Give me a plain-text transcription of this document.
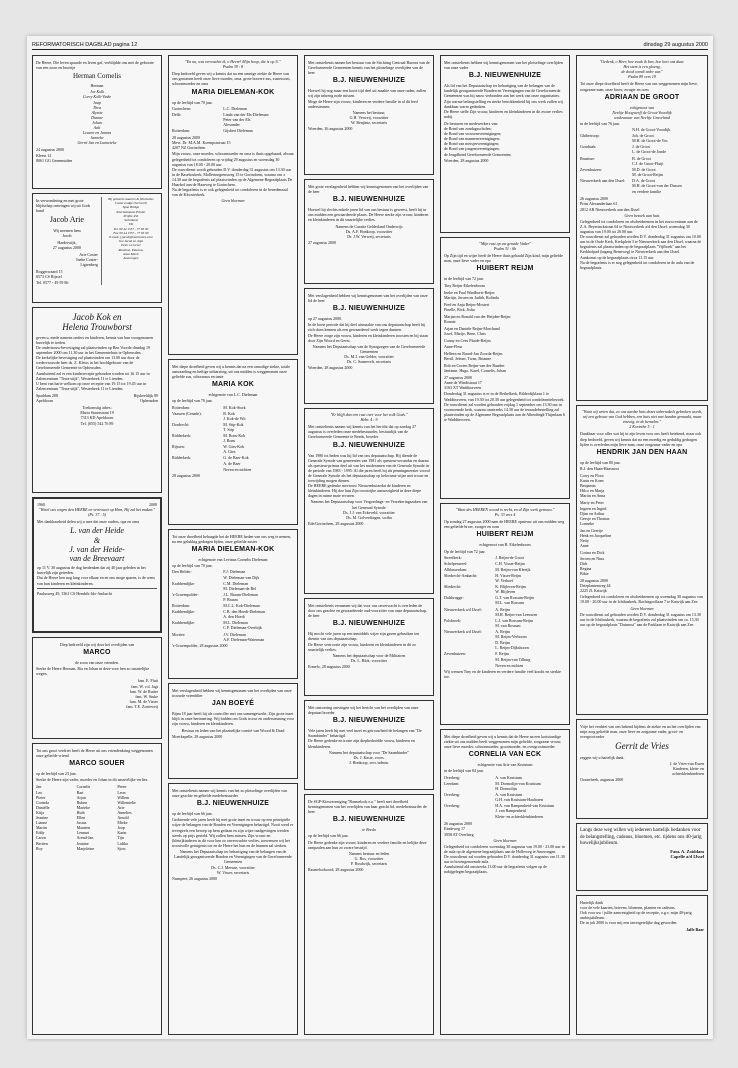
REFORMATORISCH DAGBLAD pagina 12	dinsdag 29 augustus 2000

De Heere, Die leven spaarde en leven gaf, verblijdde ons met de geboorte van een zoon en broertje

Herman Cornelis
Herman
Joe Kolk
Corry Kolk-Vinke
Jaap
Thea
Alyette
Dianne
Johan
Aalt
Leuven en Jannes
Janneke
Gerrit Jan en Lunneteke
24 augustus 2000
Kleest 12
8061 GG Genemuiden

In verwondering en met grote blijdschap ontvingen wij uit Gods hand

Jacob Arie
Wij noemen hem
Jacob
Harderwijk,
27 augustus 2000
Arie Coster
Ineke Coster-
Ligtenberg
Roggerwaard 15
6573 CS Rijssel
Tel. 0577 - 49 59 86
Bij geboorte kaarten & felicitaties
Coster Lodge Overvecht
Span Bridge
Internationale Printer
Profile 45h
Schotland
UK
Tel. 00 44 1557 - 77 63 90
Fax 00 44 1557 - 77 63 90
E-mail: j.jacob@heartnotes.com
Jan Jacob en Anja
Peter en Greet
Rosaline, Pateena,
Anna Marie
Amerongen
Jacob Kok en
Helena Trouwborst

geven u, mede namens onders en kinderen, kennis van hun voorgenomen huwelijk te treden.
De ondertrouw-bevestiging zal plaatsvinden op Ben Voorde dinsdag 19 september 2000 om 11.30 uur in het Gemeentehuis te Opheusden.
De kerkelijke bevestiging zal plaatsvinden om 13.00 uur door de wedervrouwde heer ds. Z. Kleiss in het hoofdgebouw van de Gereformeerde Gemeente in Opheusden.
Aansluitend zal er een kinderrecepte gehouden worden tot 16.15 uur in Zalencentrum "Terra-stijk", Westerbeek 11 te Lienden.
U bent van harte welkom op onze receptie van 19.15 tot 19.45 uur in Zalencentrum "Terra-stijk", Westerbeek 11 te Lienden.

Spaddam 208
Apeldoorn
Bijsbeeldijk 89
Opheusden
Toekomstig adres:
Maria Staartstraat 19
7313 KD Apeldoorn
Tel. (055) 542 76 89
1960	2000
"Wetel ons wegen den HEERE en vertrouwt op Hem, Hij zal het maken." (Ps. 37 : 5)

Met dankbaarheid delen wij u mee dat onze ouders, opa en oma

L. van der Heide
&
J. van der Heide-
van de Breevaart

op 11 V. 30 augustus de dag herdenken dat zij 40 jaar geleden in het huwelijk zijn getreden.
Dat de Heere hen nog lang voor elkaar en en ons moge sparen, is de wens van hun kinderen en kleinkinderen.

Paulusweg 49, 3361 CS Hendrik-Ido-Ambacht

Diep bedroefd zijn wij door het overlijden van

MARCO

de zoon van onze vrienden.

Sterke de Heere Herman, Ria en Johan in deze voor hen zo smartelijke wegen.

fam. E. Fluit
fam. W. v.d. Jagt
fam. W. de Ruiter
fam. W. Stuke
fam. M. de Visser
fam. T.E. Zoeteweij

Tot ons groot verdriet heeft de Heere uit ons vriendenkring weggenomen onze geliefde vriend

MARCO SOUER

op de leeftijd van 23 jaar.

Sterke de Heere zijn vader, moeder en Johan in dit smartelijke verlies.

Jan	Cornelis	Pieter
Leo	Bart	Leon
Pieter	Arjan	Willem
Corinda	Ruben	Willemieke
Daniëlle	Marieke	Arie
Kitja	Huib	Annelies
Jeanine	Ellen	Arnold
Lianne	Justus	Mieke
Martin	Maarten	Joop
Eddy	Lennart	Karin
Caron	Arend-Jan	Tijn
Bertien	Jeanine	Lidika
Roy	Marjoleine	Sjors
"En nu, wat verwachte ik, o Heere! Mijn hoop, die is op U."
Psalm 39 : 8

Diep bedroefd geven wij u kennis dat na een omnige ziekte de Heere van ons genomen heeft onze lieve moeder, oma, grote bravere zus, zusteroom, schoonmoeder en oma

MARIA DIELEMAN-KOK

op de leeftijd van 70 jaar.

Gorinchem:	L.C. Dieleman
Delft:	Linda van der Els-Dieleman
Peter van der Els
Alexander
Rotterdam:	Gijsbert Dieleman

28 augustus 2000
Mevr. Dr. M.A.M. Koempststraat 15
4207 NZ Gorinchem

Mijn vrouw, onze moeder, schoonmoeder en oma is thuis opgebaard, alwaar gelegenheid tot condoleren op vrijdag 29 augustus en woensdag 30 augustus van 18.00 - 20.00 uur.
De rouwdienst wordt gehouden D.V. donderdag 31 augustus om 13.30 uur in de Baseboskerk, Mollerinegrensweg 15 te Gorinchem, waarna om ± 14.30 uur de begrafenis zal plaatsvinden op de Algemene Begraafplaats De Haarhof aan de Haarweg te Gorinchem.
Na de begrafenis is er ook gelegenheid tot condoleren in de benedenzaal van de Kloosterkerk.

Geen bloemen

Met diepe droefheid geven wij u kennis dat na een onnodige ziekte, totale aanvaarding en heftige uitbarsting, uit ons midden is weggenomen onze geliefde zus, schoonzus en tante

MARIA KOK

echtgenote van L.C. Dieleman

op de leeftijd van 70 jaar.

Rotterdam:	M. Kok-Stork
Vaassen (Cenade):	B. Kok
J. Kok-de Wit
Dordrecht:	M. Stip-Kok
T. Stip
Ridderkerk:	M. Bons-Kok
J. Bons
Rijssen:	W. Gies-Kok
A. Gies
Ridderkerk:	G. de Baer-Kok
A. de Baer
Neven en nichten

28 augustus 2000

Tot onze droefheid behaagde het de HEERE heden van ons weg te nemen, na een gelukkig gedragen lijden, onze geliefde zuster

MARIA DIELEMAN-KOK

echtgenote van Levinus Cornelis Dieleman

op de leeftijd van 70 jaar.

Den Helder:	F.J. Dieleman
W. Dieleman-van Dijk
Krabbendijke:	C.M. Dieleman
M. Dieleman-de Bel
's-Gravenpolder:	J.L. Braam-Dieleman
P. Braam
Rotterdam:	M.C.L. Kok-Dieleman
Krabbendijke:	C.B. den Hoedt-Dieleman
A. den Hoedt
Krabbendijke:	M.L. Dieleman
C.P. Dieleman-Overbijk
Mortier:	J.V. Dieleman
A.F. Dieleman-Waterman

's-Gravenpolder, 28 augustus 2000

Met verslagenheid hebben wij kennisgenomen van het overlijden van onze trouwde vrienddier

JAN BOEYÉ

Bijna 18 jaar heeft hij als controller met ons samengewerkt. Zijn grote inzet blijft in onze herinnering. Wij bidden om Gods troost en ondersteuning voor zijn vrouw, kinderen en kleinkinderen.

Bestuur en leden van het plaatselijke comité van Woord & Daad

Moerkapelle, 28 augustus 2000

Met ontsteltenis namen wij kennis van het zo plotselinge overlijden van onze geachte en geliefde medebestuurder

B.J. NIEUWENHUIZE

op de leeftijd van 66 jaar.

Gedurende vele jaren heeft hij met grote inzet en trouw op een principiële wijze de belangen van de Bonden en Verenigingen behartigd. Nooit werd er tevergeefs een beroep op hem gedaan en zijn wijze raadgevingen werden steeds op prijs gesteld. Wij zullen hem missen. Zijn vrouw en (klein)kinderen in dit voor hen zo onverwachte verlies, toewensen wij het troostvolle getuigenis toe en de Heere het hun en de hunnen zal sterken.

Namens het Deputaatschap ter behartiging van de belangen van de Landelijk georganiseerde Bonden en Verenigingen van de Gereformeerde Gemeenten

Ds. C.J. Meeuse, voorzitter
W. Visser, secretaris

Nunspeet, 26 augustus 2000

Met ontsteltenis namen het bestuur van de Stichting Centraal Bureau van de Gereformeerde Gemeenten kennis van het plotselinge overlijden van de heer

B.J. NIEUWENHUIZE

Hoewel hij nog maar een korte tijd deel uit maakte van onze raden, zullen wij zijn inbreng node missen.
Moge de Heere zijn vrouw, kinderen en verdere familie in al dit leed ondersteunen.

Namens het bestuur,
G.H. Verweij, voorzitter
W. Benjiniz, secretaris

Woerden, 26 augustus 2000

Met grote verslagenheid hebben wij kennisgenomen van het overlijden van de heer

B.J. NIEUWENHUIZE

Hoewel hij slechts enkele jaren lid van ons bestuur is geweest, heeft hij in ons midden een gewaardeerde plaats. De Heere sterke zijn vrouw, kinderen en kleinkinderen in dit smartelijke verlies.

Namens de Curatie Gelderland Onderwijs
Ds. A.F. Honkoop, voorzitter
Dr. J.W. Verweij, secretaris

27 augustus 2000

Met verslagenheid hebben wij kennisgenomen van het overlijden van onze lid de heer

B.J. NIEUWENHUIZE

op 27 augustus 2000.

In de korte periode dat hij deel uitmaakte van ons deputaatschap heeft hij zich doen kennen als een gewaardeerd werk tegen dunnen.
De Heere zorge zijn vrouw, kinderen en kleinkinderen troosten en bij staan door Zijn Woord en Geest.

Namens het Deputaatschap van de Synagoegen van de Gereformeerde Gemeenten
Ds. M.J. van Gelder, voorzitter
Ds. C. Sonnevelt, secretaris

Woerden, 28 augustus 2000

"Er blijft dan een rust over voor het volk Gods."
Hebr. 4 : 9

Met ontsteltenis namen wij kennis van het bericht dat op zondag 27 augustus is overleden onze medebestuurder, bestuurlijk van de Gereformeerde Gemeente te Reeds, broeder

B.J. NIEUWENHUIZE

Van 1980 tot heden was hij lid van ons deputaatschap. Hij diende de Generale Synode van gemeenten van 1981 als questeur-secundus en daarna als questeur-primus deel uit van het moderamen van de Generale Synode in de periode van 1983 - 1995. Al die jaren heeft hij als penningmeester vooral de Generale Synode als het deputaatschap op bekwame wijze met trouw en toewijding mogen dienen.
De HEERE gedenke mevrouw Nieuwenhuizedat de kinderen en kleinkinderen. Hij doe hun Zijn troostrijke aanwezigheid in deze diepe dagen in ruime mate ervaren.

Namens het Deputaatschap voor Vergoedings- en Verzekeringszaken van het Generaal Synode
Ds. J.J. van Eckeveld, voorzitter
Ds. M. Golverdingen, scriba

Ede/Gorinchem, 28 augustus 2000

Met ontsteltenis vernamen wij dat voor ons onverwacht is overleden de door ons geachte en gewaardeerde oud-voorzitter van onze deputaatschap, de heer

B.J. NIEUWENHUIZE

Hij mocht vele jaren op een inmiddels wijze zijn gaven gebruiken ten dienste van ons deputaatschap.
De Heere vertrooste zijn vrouw, kinderen en kleinkinderen in dit zo smartelijk verlies.

Namens het deputaatschap voor de Militairen
Ds. L. Blok, voorzitter

Ermelo, 28 augustus 2000

Met ontroering ontvingen wij het bericht van het overlijden van onze deputaat broeder

B.J. NIEUWENHUIZE

Vele jaren heeft hij met veel inzet en getrouwheid de belangen van "De Saambinder" behartigd.
De Heere gedenke en troste zijn diepbedroefde vrouw, kinderen en kleinkinderen.

Namens het deputaatschap voor "De Saambinder"
Ds. J. Kaste, voors.
J. Honkoop, secr./admin.

De SGP-Kiesvereniging "Rasmelook e.o." heeft met droefheid kennisgenomen van het overlijden van haar geacht lid, medebestuurder de heer

B.J. NIEUWENHUIZE

te Breda

op de leeftijd van 66 jaar.

De Heere gedenke zijn vrouw, kinderen en verdere familie en belijke deze rampzalen aan hun zo zware bestrijd.

Namens bestuur en leden
G. Bos, voorzitter
P. Rosdwijk, secretaris

Rasmelookoord, 28 augustus 2000

Met ontsteltenis hebben wij kennisgenomen van het plotselinge overlijden van onze vader

B.J. NIEUWENHUIZE

Als lid van het Deputaatschap ter behartiging van de belangen van de landelijk georganiseerde Bonden en Verenigingen van de Gereformeerde Gemeenten was hij nauw verbonden aan het werk van onze organisaties.
Zijn warme belangstelling en sterke betrokkenheid bij ons werk zullen wij dankbaar warm gedenken.
De Heere stelle Zijn vrouw, kinderen en kleinkinderen in dit zware verlies nabij.

De besturen en medewerkers van:
de Bond van zondagsscholen;
de Bond van vrouwenverenigingen;
de Bond van mannenverenigingen;
de Bond van meisjesverenigingen;
de Bond van jongensverenigingen;
de Jeugdbond Gereformeerde Gemeenten.

Woerden, 28 augustus 2000

"Mijn rust op uw genade Vader"
Psalm 31 : 6b

Op Zijn tijd en wijze heeft de Heere thuis gehaald Zijn kind, mijn geliefde man, onze lieve vader en opa

HUIBERT REIJM

in de leeftijd van 72 jaar.

Tiny Reijm-Eikelenboom

Ineke en Paul Windhorst-Reijm
Martijn, Jeroen en Judith, Rolinda

Fred en Anja Reijm-Mostert
Finelle, Rick, Jisha

Marjan en Ronald van der Heijden-Reijm
Ronnie

Arjan en Daniele Reijm-Marchand
Josef, Marije, Bene, Chris

Conny en Cees Fluide-Reijm
Anne-Fleur

Helleen en Ruurd-Jan Zoorda-Reijm
Bertil, Jelmer, Twan, Brianne

Rob en Corien Reijm-van der Raaden
Jantinne, Hugo, Karel, Cornelis, Johan

27 augustus 2000
Anne de Windtstraat 17
3163 XT Waddinxveen

Donderdag 31 augustus is er in de Bethelkerk, Bilderdijklaan 1 te Waddinxveen, van 19.30 tot 20.30 uur gelegenheid tot condoleantiebezoek.
De rouwdienst zal worden gehouden vrijdag 1 september om 13.30 uur in voornoemde kerk, waarna omstreeks 14.30 uur de teraardebestelling zal plaatsvinden op de Algemene Begraafplaats aan de Alberdingk Thijmlaan 6 te Waddinxveen.

"Want des HEEREN woord is recht, en al Zijn werk getrouw."
Ps. 33 vers 4

Op zondag 27 augustus 2000 nam de HEERE opnieuw uit ons midden weg een geliefde broer, zwager en oom

HUIBERT REIJM

echtgenoot van B. Eikelenboom

Op de leeftijd van 72 jaar.

Streefkerk:	J. Reijm-de Groot
Schelpenweel:	C.H. Visser-Reijm
Alblasserdam:	M. Reijm-van Kleeijk
Sliedrecht-Ambacht:	H. Visser-Reijm
W. Verhoef
Sliedrecht:	K. Blijleven-Reijm
W. Blijleven
Dalsbrugge:	G.T. van Rossum-Reijm
M.L. van Rossum
Nieuwerkerk a/d IJssel:	A. Reijm
M.H. Reijm-van Leeuwen
Polsbroek:	L.J. van Rossum-Reijm
M. van Rossum
Nieuwerkerk a/d IJssel:	A. Reijm
M. Reijm-Verboom
D. Reijm
L. Reijm-Dijkshoorn
Zevenhuizen:	F. Reijm
M. Reijm-van Tilburg
Neven en nichten

Wij wensen Tiny en de kinderen en verdere familie veel kracht en sterkte toe.

Met diepe droefheid geven wij u kennis dat de Heere na een kortstondige ziekte uit ons midden heeft weggenomen mijn geliefde, zorgzame vrouw, onze lieve moeder, schoonmoeder, grootmoeder, en overgrootmoeder

CORNELIA VAN ECK

echtgenote van Arie van Kruistum

in de leeftijd van 84 jaar.

Overberg:	A. van Kruistum
Leerdam:	M. Dormolijn-van Kruistum
H. Dormolijn
Overberg:	A. van Kruistum
G.H. van Kruistum-Haaltoren
Overberg:	H.A. van Rampenheid-van Kruistum
J. van Rampenheid
Klein- en achterkleinkinderen

26 augustus 2000
Eindeweg 17
3958 AT Overberg

Geen bloemen

Gelegenheid tot condoleren woensdag 30 augustus van 19.00 - 21.00 uur in de aula op de algemene begraafplaats aan de Holleweg te Amerongen.
De rouwdienst zal worden gehouden D.V. donderdag 31 augustus om 11.30 uur in bovengenoemde aula.
Aansluitend ald omstreeks 13.00 uur de begrafenis volgen op de nabijgelegen begraafplaats.

"Gedenk, o Heer, hoe zwak ik ben, hoe kort ons duur.
Het stem is een gloeng,
de dood wendt teder uur."
Psalm 89 vers 19

Tot onze diepe droefheid heeft de Heere van ons weggenomen mijn lieve, zorgzame man, onze broer, zwager en oom

ADRIAAN DE GROOT

echtgenoot van
Neeltje Hoogwerff de Groot-Voordijk
weduwnaar van Neeltje Graveland

in de leeftijd van 76 jaar.

N.H. de Groot-Voordijk
Ghiberroop:	Joh. de Groot
M.H. de Groot-de Vos
Goudstak:	J. de Groot
L. de Groot-de Jonde
Brunisse:	B. de Groot
C.J. de Groot-Fluijt
Zevenhuizen:	M.D. de Groot
M. de Groot-Reijm
Nieuwerkerk aan den IJssel:	D.A. de Groot
M.H. de Groot-van der Dussen
en verdere familie

26 augustus 2000
Prins Alexanderlaan 61
2812 AR Nieuwerkerk aan den IJssel

Geen bezoek aan huis

Gelegenheid tot condoleren en afscheidnemen in het rouwcentrum aan de Z.A. Beyerinckstraat 64 te Nieuwerkerk a/d den IJssel, woensdag 30 augustus van 19.00 tot 20.00 uur.
De rouwdienst zal gehouden worden D.V. donderdag 31 augustus om 10.00 uur in de Oude Kerk, Kerkplein 3 te Nieuwerkerk aan den IJssel, waarna de begrafenis zal plaatsvinden op de begraafplaats "Vijfhoek" aan het Kerkhofpad (ingang Bermweg) te Nieuwerkerk aan den IJssel.
Aankomst op de begraafplaats circa 11.15 uur.
Na de begrafenis is er nog gelegenheid tot condoleren in de aula van de begraafplaats.

"Want wij weten dat, zo ons aardse huis dezes tabernakels gebroken wordt, wij een gebouw van God hebben, een huis niet met handen gemaakt, maar eeuwig, in de hemelen."
2 Korinthe 5 : 1

Dankbaar voor alles wat hij in zijn leven voor ons heeft betekend, maar ook diep bedroefd, geven wij kennis dat na een moedig en geduldig gedragen lijden is overleden mijn lieve man, onze zorgzame vader en opa

HENDRIK JAN DEN HAAN

op de leeftijd van 80 jaar.

R.J. den Haan-Haasnoot

Corry en Floor
Karin en Koen
Benjamin
Hilco en Marja
Martin en Anna

Marty en Peter
Ingeen en Ingrid
Djim en Arthur
Geesje en Thomas
Lonneke

Jan en Geertje
Henk en Jacqueline
Netty
Anne

Corina en Dick
Jeroen en Nina
Dirk
Regina
Bibie

28 augustus 2000
Drieplantenweg 44
2225 JL Katwijk

Gelegenheid tot condoleren en afscheidnemen op woensdag 30 augustus van 19.00 - 20.00 uur in de Ichthuskerk, Rachtsgoollaan 7 te Katwijk aan Zee.

Geen bloemen

De rouwdienst zal gehouden worden D.V. donderdag 31 augustus om 13.30 uur in de Ichthuskerk, waarna de begrafenis zal plaatsvinden om ca. 15.30 uur op de begraafplaats "Duinrust" aan de Parklaan te Katwijk aan Zee.

Vrije het verdriet van ons bekend bijdens de ziekte en na het overlijden van mijn zorg geliefde man, onze lieve en zorgzame vader, groot- en overgrootvader

Gerrit de Vries

zeggen wij u hartelijk dank.

J. de Vries-van Essen
Kinderen, klein- en
achterkleinkinderen

Oosterbeek, augustus 2000

Langs deze weg willen wij iedereen hartelijk bedanken voor de belangstelling, cadeaus, bloemen, etc. tijdens ons 40-jarig huwelijksjubileum.

Fam. A. Zoiddam
Capelle a/d IJssel

Hartelijk dank
voor de vele kaarten, brieven, bloemen, planten en cadeaus.
Ook voor uw / jullie aanwezigheid op de receptie, o.g.v. mijn 40-jarig ambtsjubileum.
De in juli 2000 is voor mij een onvergetelijke dag geworden.

Jaffe Baar
